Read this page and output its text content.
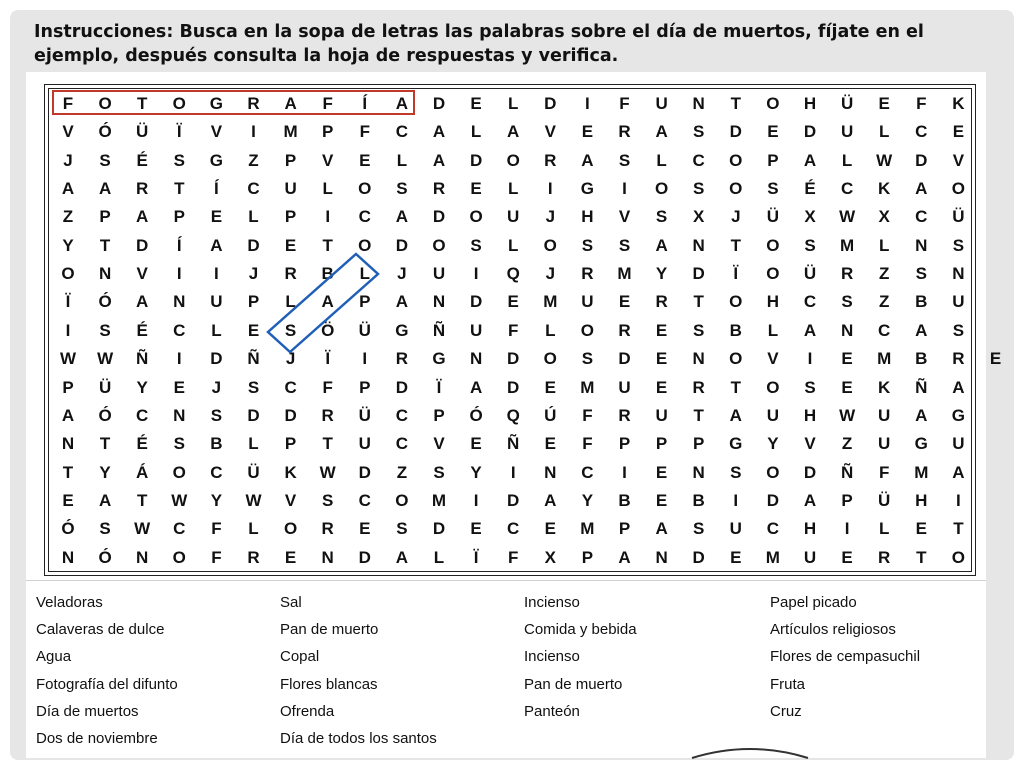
Instrucciones: Busca en la sopa de letras las palabras sobre el día de muertos, fíjate en el ejemplo, después consulta la hoja de respuestas y verifica.
F	O	T	O	G	R	A	F	Í	A	D	E	L	D	I	F	U	N	T	O	H	Ü	E	F	K
V	Ó	Ü	Ï	V	I	M	P	F	C	A	L	A	V	E	R	A	S	D	E	D	U	L	C	E
J	S	É	S	G	Z	P	V	E	L	A	D	O	R	A	S	L	C	O	P	A	L	W	D	V
A	A	R	T	Í	C	U	L	O	S	R	E	L	I	G	I	O	S	O	S	É	C	K	A	O
Z	P	A	P	E	L	P	I	C	A	D	O	U	J	H	V	S	X	J	Ü	X	W	X	C	Ü
Y	T	D	Í	A	D	E	T	O	D	O	S	L	O	S	S	A	N	T	O	S	M	L	N	S
O	N	V	I	I	J	R	B	L	J	U	I	Q	J	R	M	Y	D	Ï	O	Ü	R	Z	S	N
Ï	Ó	A	N	U	P	L	A	P	A	N	D	E	M	U	E	R	T	O	H	C	S	Z	B	U
I	S	É	C	L	E	S	Ö	Ü	G	Ñ	U	F	L	O	R	E	S	B	L	A	N	C	A	S
W	W	Ñ	I	D	Ñ	J	Ï	I	R	G	N	D	O	S	D	E	N	O	V	I	E	M	B	R	E
P	Ü	Y	E	J	S	C	F	P	D	Ï	A	D	E	M	U	E	R	T	O	S	E	K	Ñ	A
A	Ó	C	N	S	D	D	R	Ü	C	P	Ó	Q	Ú	F	R	U	T	A	U	H	W	U	A	G
N	T	É	S	B	L	P	T	U	C	V	E	Ñ	E	F	P	P	P	G	Y	V	Z	U	G	U
T	Y	Á	O	C	Ü	K	W	D	Z	S	Y	I	N	C	I	E	N	S	O	D	Ñ	F	M	A
E	A	T	W	Y	W	V	S	C	O	M	I	D	A	Y	B	E	B	I	D	A	P	Ü	H	I
Ó	S	W	C	F	L	O	R	E	S	D	E	C	E	M	P	A	S	U	C	H	I	L	E	T
N	Ó	N	O	F	R	E	N	D	A	L	Ï	F	X	P	A	N	D	E	M	U	E	R	T	O
Veladoras
Calaveras de dulce
Agua
Fotografía del difunto
Día de muertos
Dos de noviembre
Sal
Pan de muerto
Copal
Flores blancas
Ofrenda
Día de todos los santos
Incienso
Comida y bebida
Incienso
Pan de muerto
Panteón
Papel picado
Artículos religiosos
Flores de cempasuchil
Fruta
Cruz
